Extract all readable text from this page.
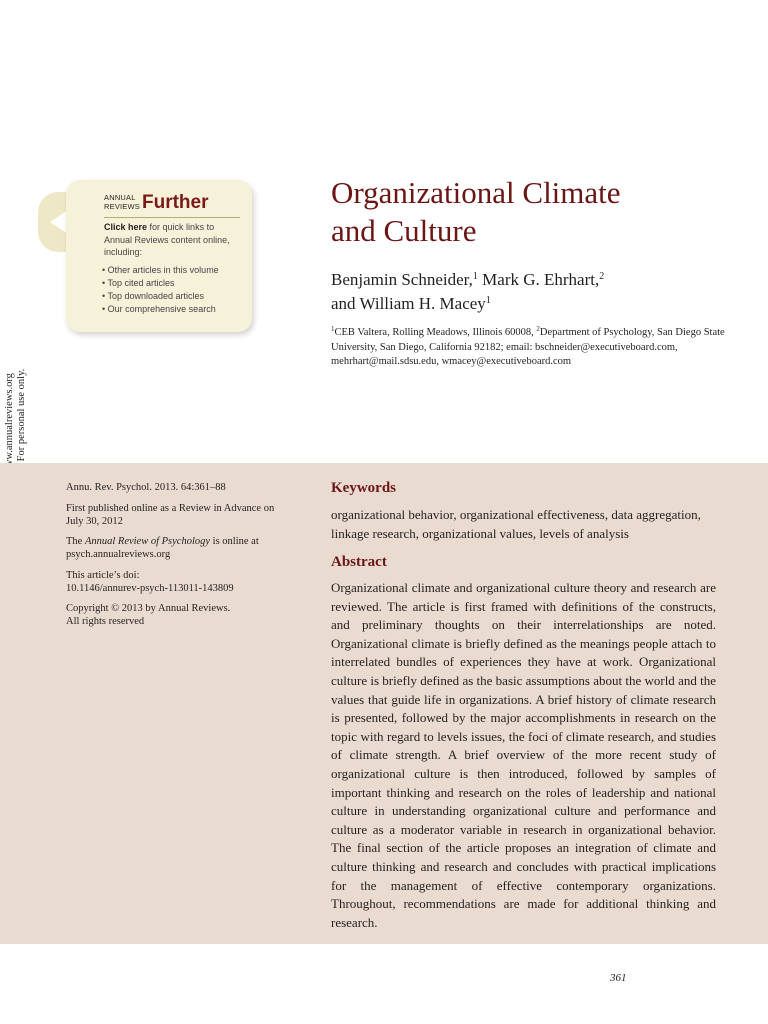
ANNUAL REVIEWS Further
Click here for quick links to Annual Reviews content online, including:
• Other articles in this volume
• Top cited articles
• Top downloaded articles
• Our comprehensive search
Organizational Climate
and Culture
Benjamin Schneider,$^1$ Mark G. Ehrhart,$^2$
and William H. Macey$^1$
$^1$CEB Valtera, Rolling Meadows, Illinois 60008, $^2$Department of Psychology, San Diego State University, San Diego, California 92182; email: bschneider@executiveboard.com, mehrhart@mail.sdsu.edu, wmacey@executiveboard.com

Annu. Rev. Psychol. 2013. 64:361–88

First published online as a Review in Advance on July 30, 2012

The Annual Review of Psychology is online at psych.annualreviews.org

This article’s doi:
10.1146/annurev-psych-113011-143809

Copyright © 2013 by Annual Reviews.
All rights reserved

Keywords

organizational behavior, organizational effectiveness, data aggregation, linkage research, organizational values, levels of analysis

Abstract

Organizational climate and organizational culture theory and research are reviewed. The article is first framed with definitions of the constructs, and preliminary thoughts on their interrelationships are noted. Organizational climate is briefly defined as the meanings people attach to interrelated bundles of experiences they have at work. Organizational culture is briefly defined as the basic assumptions about the world and the values that guide life in organizations. A brief history of climate research is presented, followed by the major accomplishments in research on the topic with regard to levels issues, the foci of climate research, and studies of climate strength. A brief overview of the more recent study of organizational culture is then introduced, followed by samples of important thinking and research on the roles of leadership and national culture in understanding organizational culture and performance and culture as a moderator variable in research in organizational behavior. The final section of the article proposes an integration of climate and culture thinking and research and concludes with practical implications for the management of effective contemporary organizations. Throughout, recommendations are made for additional thinking and research.

361
